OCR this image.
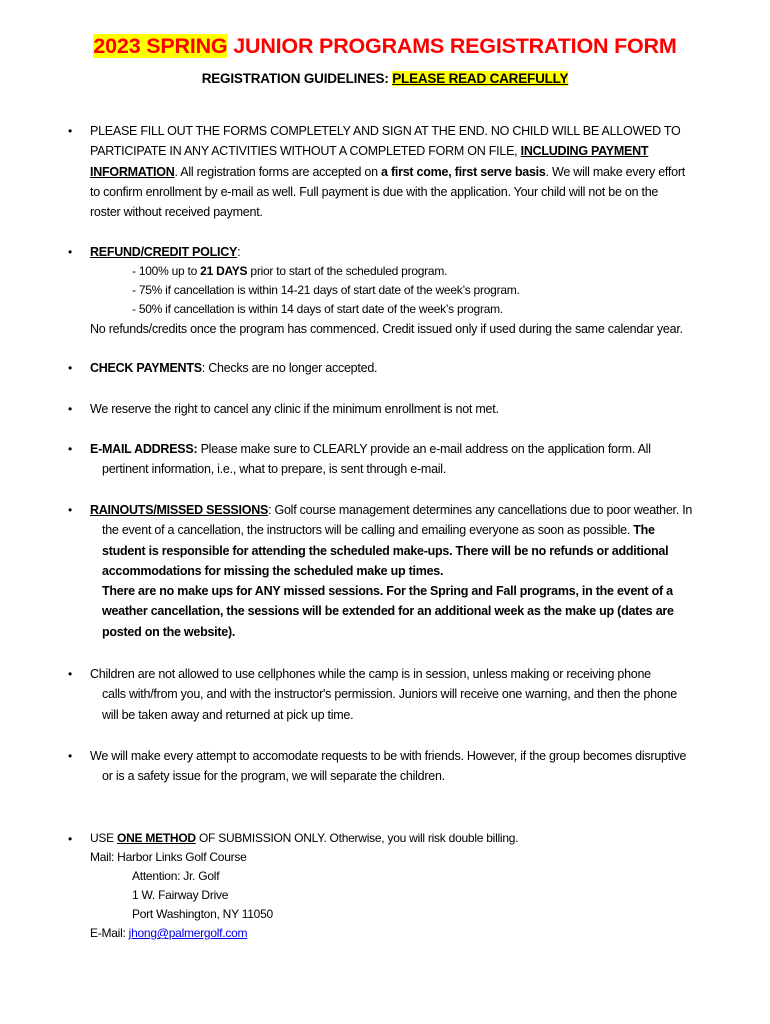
2023 SPRING JUNIOR PROGRAMS REGISTRATION FORM
REGISTRATION GUIDELINES: PLEASE READ CAREFULLY
• PLEASE FILL OUT THE FORMS COMPLETELY AND SIGN AT THE END. NO CHILD WILL BE ALLOWED TO
PARTICIPATE IN ANY ACTIVITIES WITHOUT A COMPLETED FORM ON FILE, INCLUDING PAYMENT
INFORMATION. All registration forms are accepted on a first come, first serve basis. We will make every effort
to confirm enrollment by e-mail as well. Full payment is due with the application. Your child will not be on the
roster without received payment.
• REFUND/CREDIT POLICY:
- 100% up to 21 DAYS prior to start of the scheduled program.
- 75% if cancellation is within 14-21 days of start date of the week’s program.
- 50% if cancellation is within 14 days of start date of the week’s program.
No refunds/credits once the program has commenced. Credit issued only if used during the same calendar year.
• CHECK PAYMENTS: Checks are no longer accepted.
• We reserve the right to cancel any clinic if the minimum enrollment is not met.
• E-MAIL ADDRESS: Please make sure to CLEARLY provide an e-mail address on the application form. All
pertinent information, i.e., what to prepare, is sent through e-mail.
• RAINOUTS/MISSED SESSIONS: Golf course management determines any cancellations due to poor weather. In
the event of a cancellation, the instructors will be calling and emailing everyone as soon as possible. The
student is responsible for attending the scheduled make-ups. There will be no refunds or additional
accommodations for missing the scheduled make up times.
There are no make ups for ANY missed sessions. For the Spring and Fall programs, in the event of a
weather cancellation, the sessions will be extended for an additional week as the make up (dates are
posted on the website).
• Children are not allowed to use cellphones while the camp is in session, unless making or receiving phone
calls with/from you, and with the instructor's permission. Juniors will receive one warning, and then the phone
will be taken away and returned at pick up time.
• We will make every attempt to accomodate requests to be with friends. However, if the group becomes disruptive
or is a safety issue for the program, we will separate the children.
• USE ONE METHOD OF SUBMISSION ONLY. Otherwise, you will risk double billing.
Mail: Harbor Links Golf Course
Attention: Jr. Golf
1 W. Fairway Drive
Port Washington, NY 11050
E-Mail: jhong@palmergolf.com
